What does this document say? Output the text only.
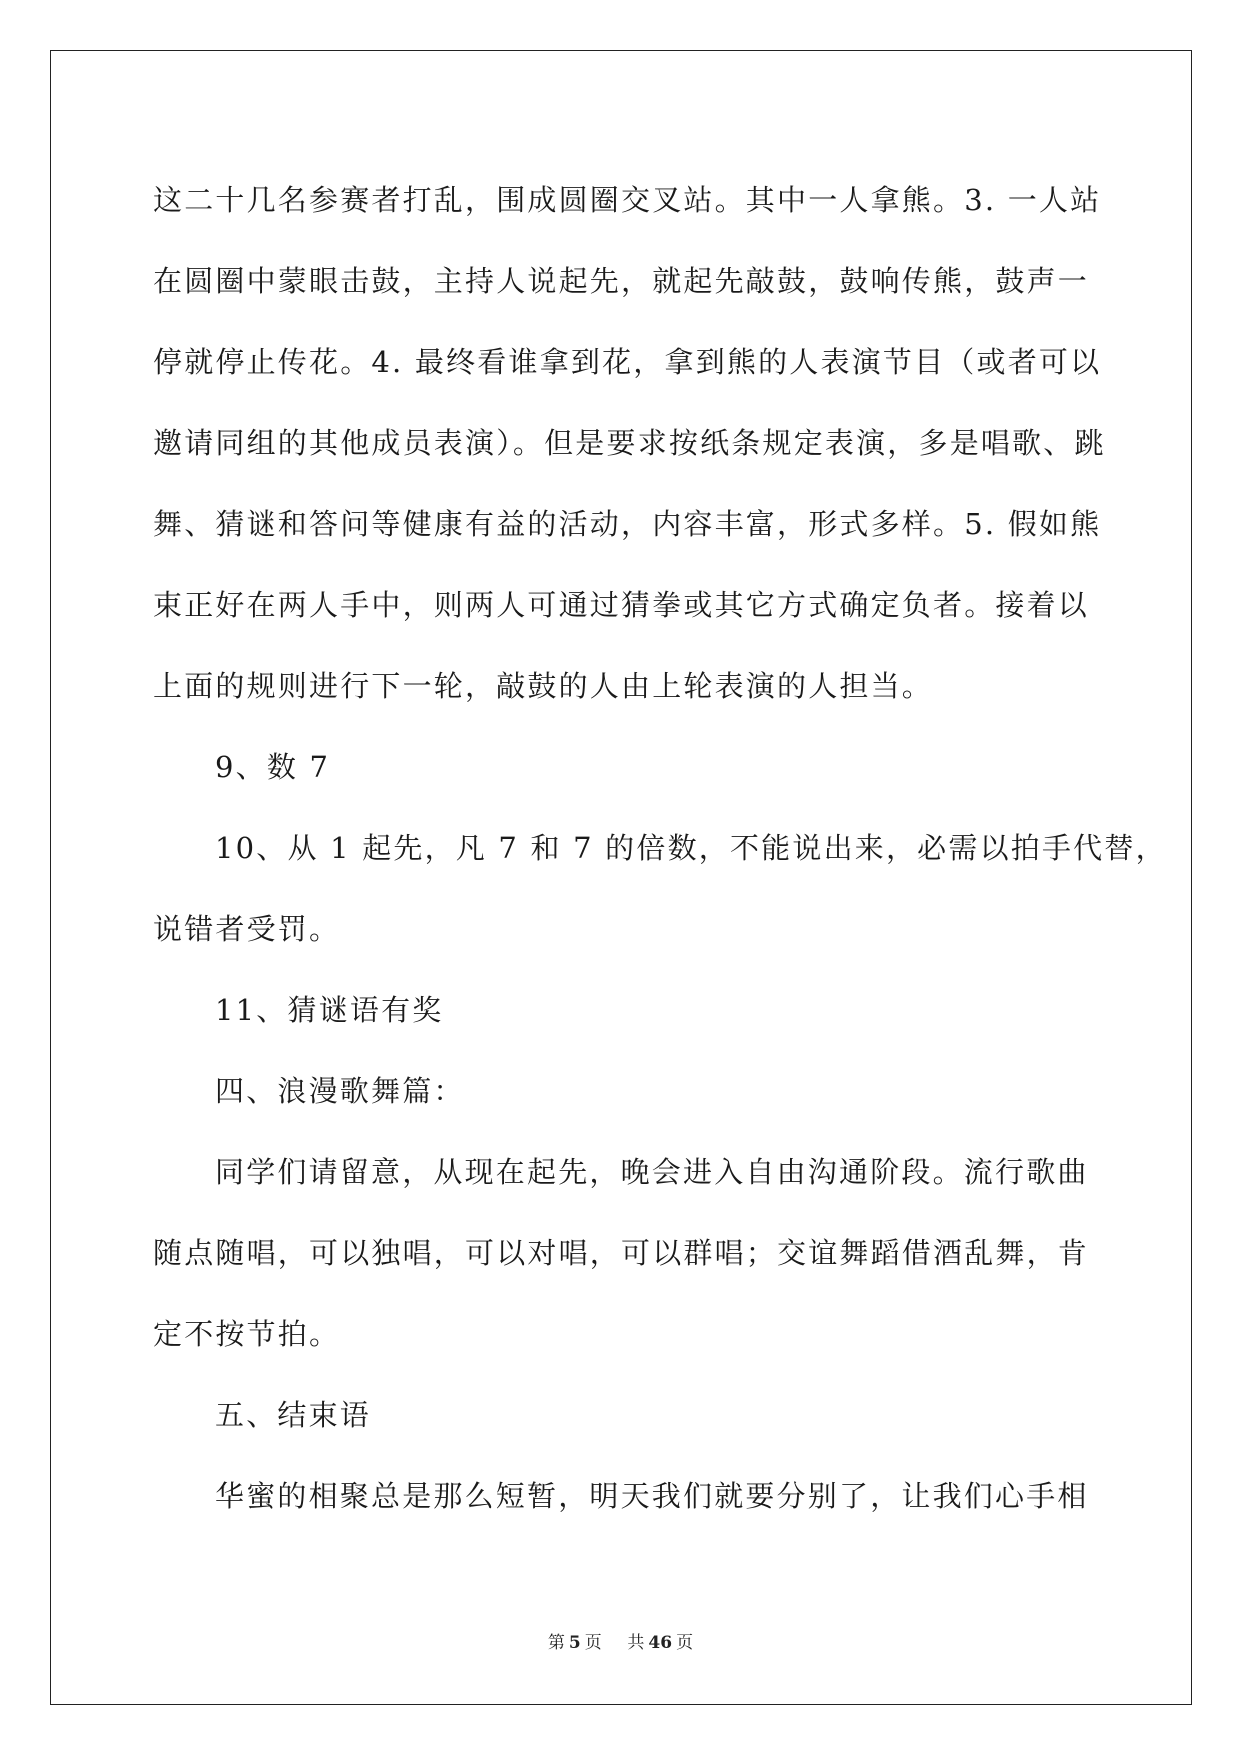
这二十几名参赛者打乱，围成圆圈交叉站。其中一人拿熊。3. 一人站
在圆圈中蒙眼击鼓，主持人说起先，就起先敲鼓，鼓响传熊，鼓声一
停就停止传花。4. 最终看谁拿到花，拿到熊的人表演节目（或者可以
邀请同组的其他成员表演）。但是要求按纸条规定表演，多是唱歌、跳
舞、猜谜和答问等健康有益的活动，内容丰富，形式多样。5. 假如熊
束正好在两人手中，则两人可通过猜拳或其它方式确定负者。接着以
上面的规则进行下一轮，敲鼓的人由上轮表演的人担当。

9、数 7

10、从 1 起先，凡 7 和 7 的倍数，不能说出来，必需以拍手代替，
说错者受罚。

11、猜谜语有奖

四、浪漫歌舞篇：

同学们请留意，从现在起先，晚会进入自由沟通阶段。流行歌曲
随点随唱，可以独唱，可以对唱，可以群唱；交谊舞蹈借酒乱舞，肯
定不按节拍。

五、结束语

华蜜的相聚总是那么短暂，明天我们就要分别了，让我们心手相

第 5 页 共 46 页
